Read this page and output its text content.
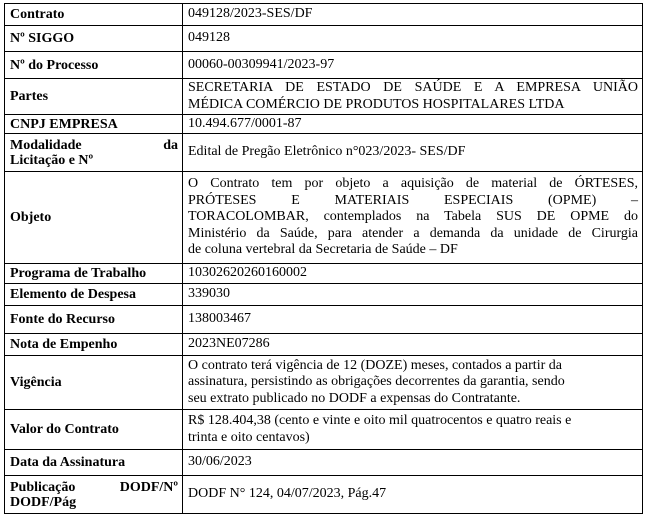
Contrato	049128/2023-SES/DF
Nº SIGGO	049128
Nº do Processo	00060-00309941/2023-97
Partes	SECRETARIA DE ESTADO DE SAÚDE E A EMPRESA UNIÃO
MÉDICA COMÉRCIO DE PRODUTOS HOSPITALARES LTDA

CNPJ EMPRESA	10.494.677/0001-87

Modalidade da
Licitação e Nº	Edital de Pregão Eletrônico n°023/2023- SES/DF
Objeto	O Contrato tem por objeto a aquisição de material de ÓRTESES,
PRÓTESES E MATERIAIS ESPECIAIS (OPME) –
TORACOLOMBAR, contemplados na Tabela SUS DE OPME do
Ministério da Saúde, para atender a demanda da unidade de Cirurgia
de coluna vertebral da Secretaria de Saúde – DF

Programa de Trabalho	10302620260160002
Elemento de Despesa	339030
Fonte do Recurso	138003467
Nota de Empenho	2023NE07286
Vigência	O contrato terá vigência de 12 (DOZE) meses, contados a partir da
assinatura, persistindo as obrigações decorrentes da garantia, sendo
seu extrato publicado no DODF a expensas do Contratante.

Valor do Contrato	R$ 128.404,38 (cento e vinte e oito mil quatrocentos e quatro reais e
trinta e oito centavos)

Data da Assinatura	30/06/2023

Publicação DODF/Nº
DODF/Pág	DODF N° 124, 04/07/2023, Pág.47
